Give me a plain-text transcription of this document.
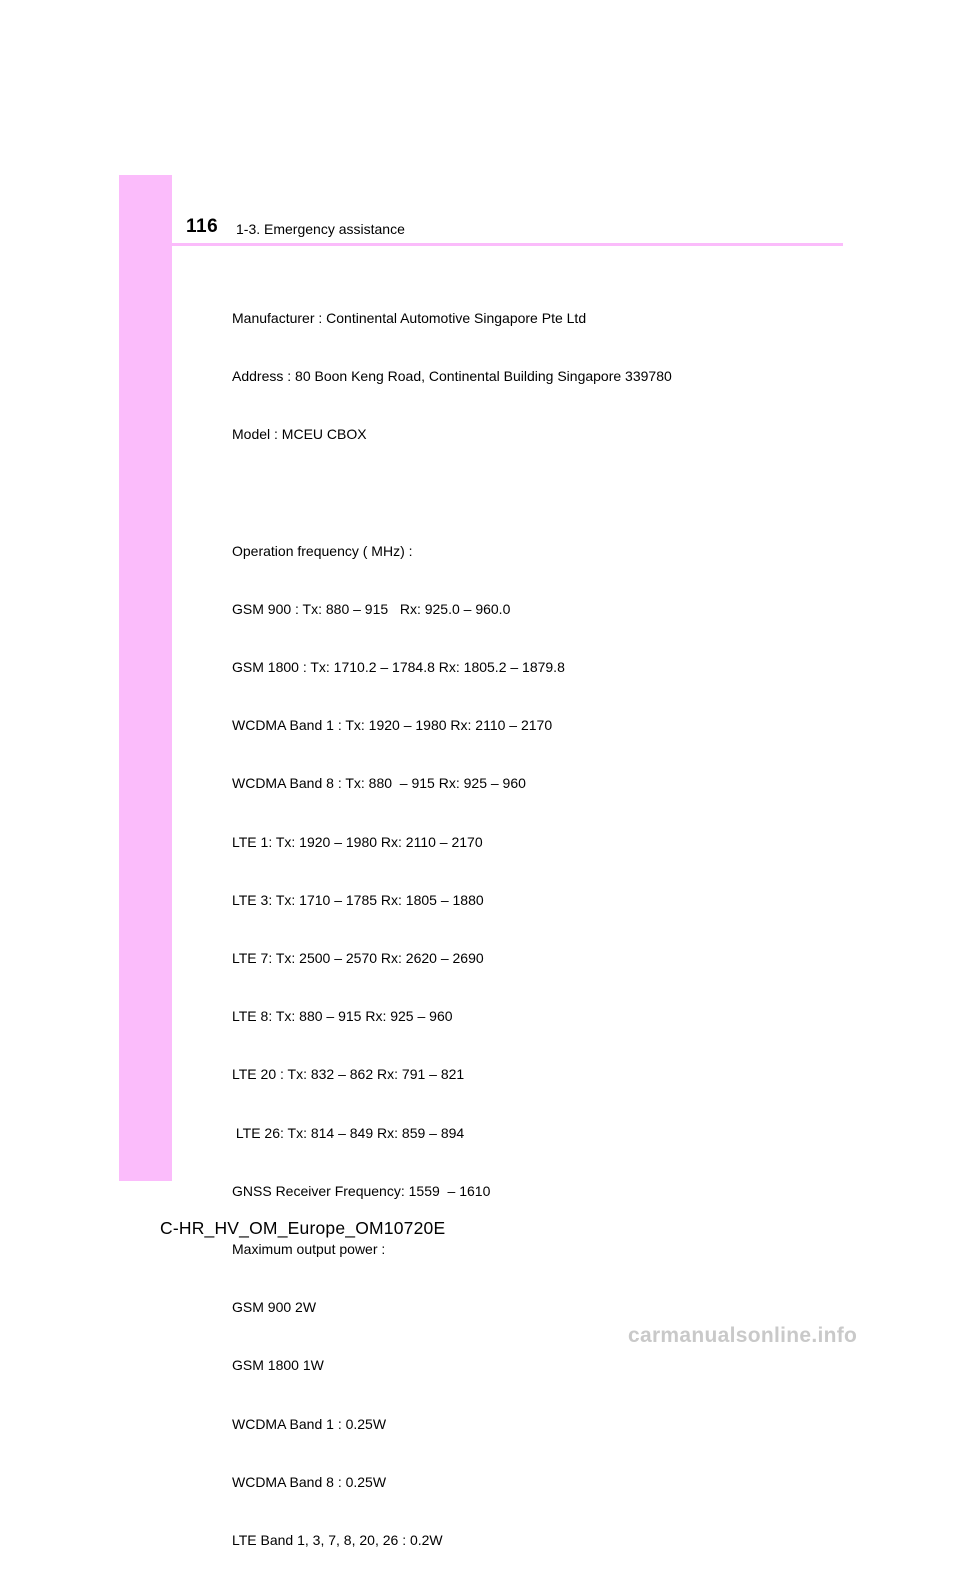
116 1-3. Emergency assistance

Manufacturer : Continental Automotive Singapore Pte Ltd

Address : 80 Boon Keng Road, Continental Building Singapore 339780

Model : MCEU CBOX

Operation frequency ( MHz) :

GSM 900 : Tx: 880 – 915   Rx: 925.0 – 960.0

GSM 1800 : Tx: 1710.2 – 1784.8 Rx: 1805.2 – 1879.8

WCDMA Band 1 : Tx: 1920 – 1980 Rx: 2110 – 2170

WCDMA Band 8 : Tx: 880  – 915 Rx: 925 – 960

LTE 1: Tx: 1920 – 1980 Rx: 2110 – 2170

LTE 3: Tx: 1710 – 1785 Rx: 1805 – 1880

LTE 7: Tx: 2500 – 2570 Rx: 2620 – 2690

LTE 8: Tx: 880 – 915 Rx: 925 – 960

LTE 20 : Tx: 832 – 862 Rx: 791 – 821

LTE 26: Tx: 814 – 849 Rx: 859 – 894

GNSS Receiver Frequency: 1559  – 1610

Maximum output power :

GSM 900 2W

GSM 1800 1W

WCDMA Band 1 : 0.25W

WCDMA Band 8 : 0.25W

LTE Band 1, 3, 7, 8, 20, 26 : 0.2W

C-HR_HV_OM_Europe_OM10720E
carmanualsonline.info
